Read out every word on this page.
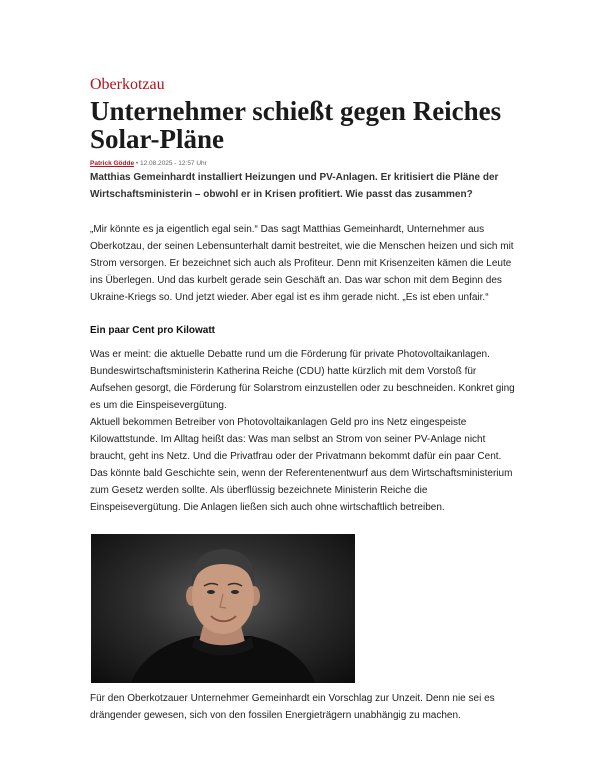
Oberkotzau
Unternehmer schießt gegen Reiches Solar-Pläne
Patrick Gödde • 12.08.2025 - 12:57 Uhr

Matthias Gemeinhardt installiert Heizungen und PV-Anlagen. Er kritisiert die Pläne der Wirtschaftsministerin – obwohl er in Krisen profitiert. Wie passt das zusammen?

„Mir könnte es ja eigentlich egal sein.“ Das sagt Matthias Gemeinhardt, Unternehmer aus Oberkotzau, der seinen Lebensunterhalt damit bestreitet, wie die Menschen heizen und sich mit Strom versorgen. Er bezeichnet sich auch als Profiteur. Denn mit Krisenzeiten kämen die Leute ins Überlegen. Und das kurbelt gerade sein Geschäft an. Das war schon mit dem Beginn des Ukraine-Kriegs so. Und jetzt wieder. Aber egal ist es ihm gerade nicht. „Es ist eben unfair.“

Ein paar Cent pro Kilowatt

Was er meint: die aktuelle Debatte rund um die Förderung für private Photovoltaikanlagen. Bundeswirtschaftsministerin Katherina Reiche (CDU) hatte kürzlich mit dem Vorstoß für Aufsehen gesorgt, die Förderung für Solarstrom einzustellen oder zu beschneiden. Konkret ging es um die Einspeisevergütung.

Aktuell bekommen Betreiber von Photovoltaikanlagen Geld pro ins Netz eingespeiste Kilowattstunde. Im Alltag heißt das: Was man selbst an Strom von seiner PV-Anlage nicht braucht, geht ins Netz. Und die Privatfrau oder der Privatmann bekommt dafür ein paar Cent. Das könnte bald Geschichte sein, wenn der Referentenentwurf aus dem Wirtschaftsministerium zum Gesetz werden sollte. Als überflüssig bezeichnete Ministerin Reiche die Einspeisevergütung. Die Anlagen ließen sich auch ohne wirtschaftlich betreiben.

Für den Oberkotzauer Unternehmer Gemeinhardt ein Vorschlag zur Unzeit. Denn nie sei es drängender gewesen, sich von den fossilen Energieträgern unabhängig zu machen.
